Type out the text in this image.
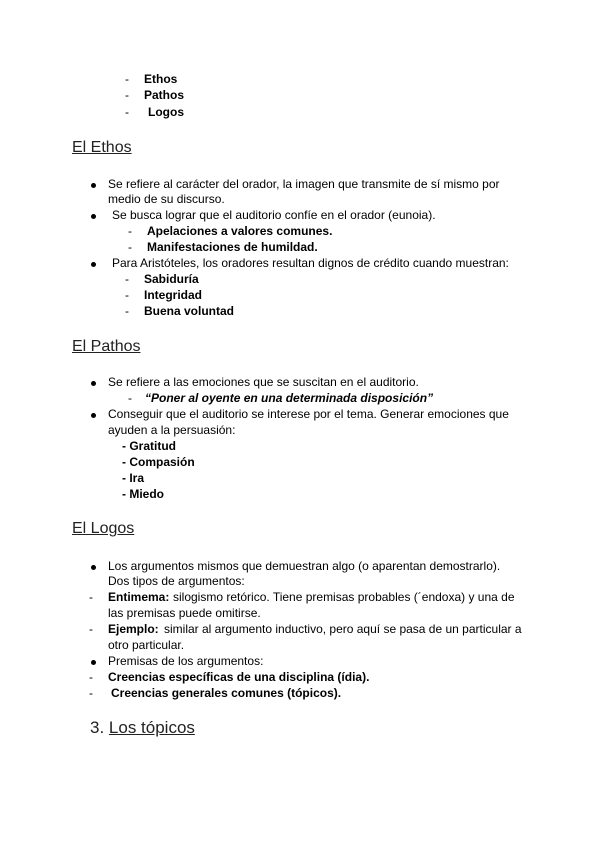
- Ethos
- Pathos
- Logos
El Ethos
Se refiere al carácter del orador, la imagen que transmite de sí mismo por
medio de su discurso.
Se busca lograr que el auditorio confíe en el orador (eunoia).
- Apelaciones a valores comunes.
- Manifestaciones de humildad.
Para Aristóteles, los oradores resultan dignos de crédito cuando muestran:
- Sabiduría
- Integridad
- Buena voluntad
El Pathos
Se refiere a las emociones que se suscitan en el auditorio.
- “Poner al oyente en una determinada disposición”
Conseguir que el auditorio se interese por el tema. Generar emociones que
ayuden a la persuasión:
- Gratitud
- Compasión
- Ira
- Miedo
El Logos
Los argumentos mismos que demuestran algo (o aparentan demostrarlo).
Dos tipos de argumentos:
- Entimema: silogismo retórico. Tiene premisas probables (´endoxa) y una de
las premisas puede omitirse.
- Ejemplo: similar al argumento inductivo, pero aquí se pasa de un particular a
otro particular.
Premisas de los argumentos:
- Creencias específicas de una disciplina (ídia).
- Creencias generales comunes (tópicos).
3. Los tópicos
